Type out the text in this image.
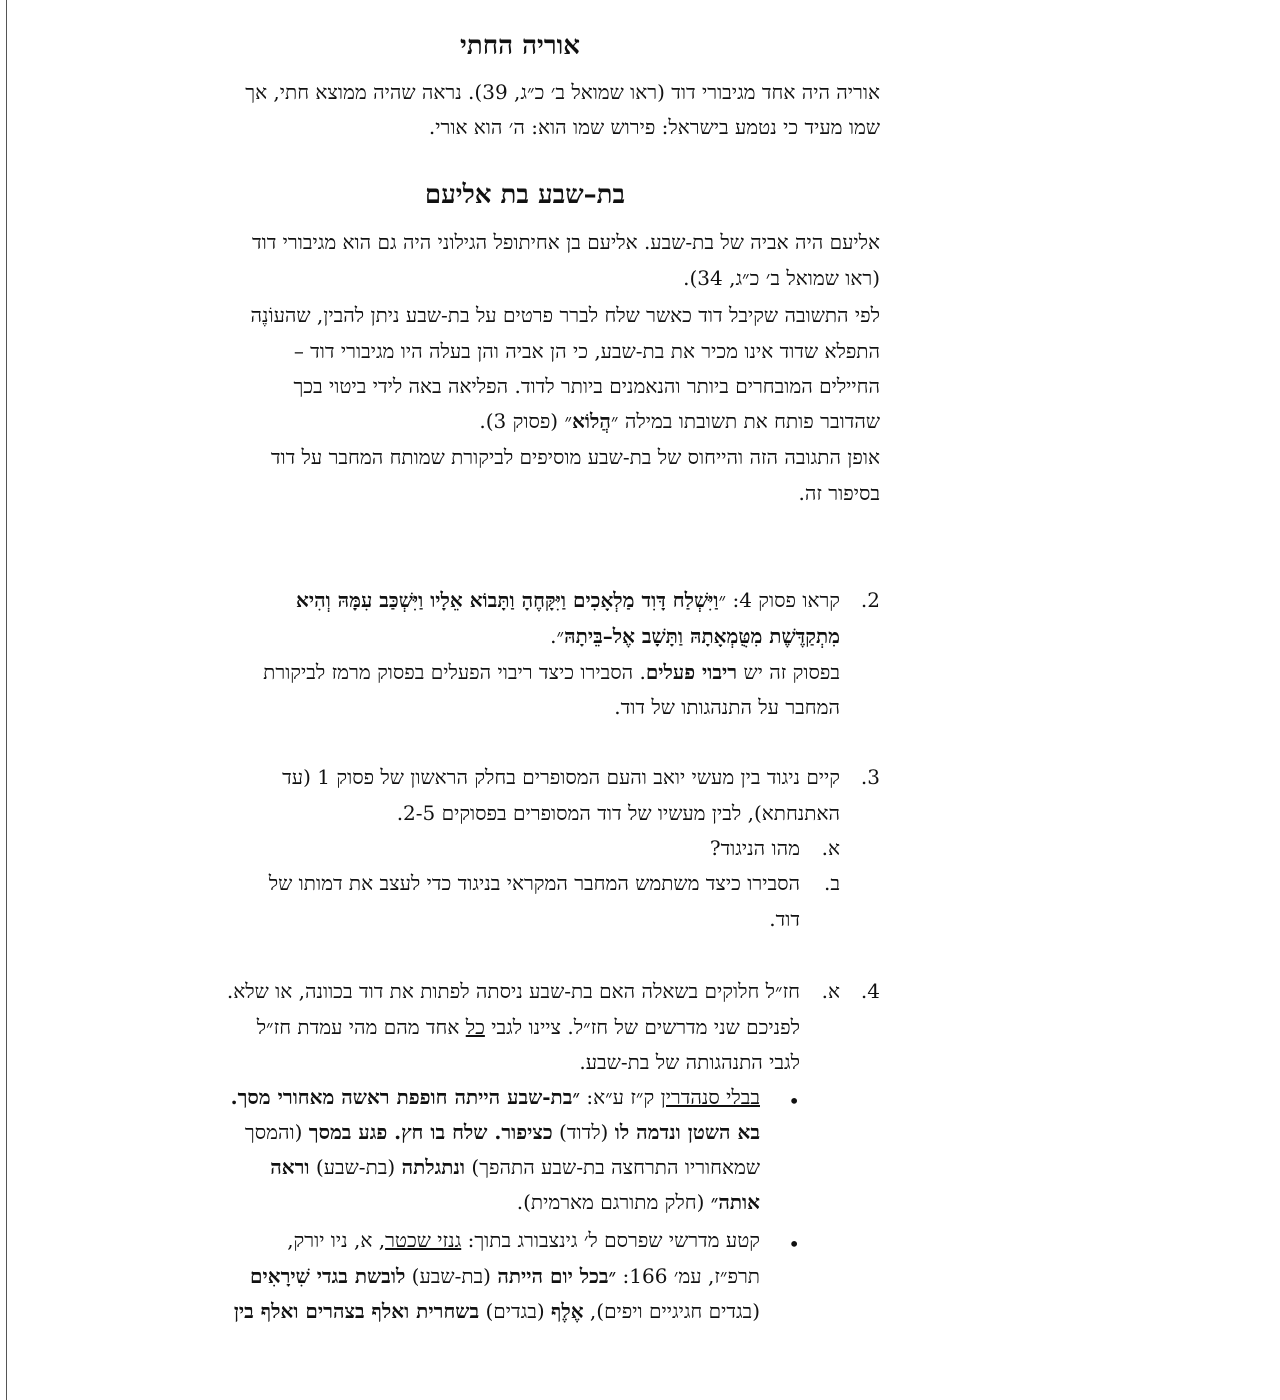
אוריה החתי
אוריה היה אחד מגיבורי דוד (ראו שמואל ב׳ כ״ג, 39). נראה שהיה ממוצא חתי, אך
שמו מעיד כי נטמע בישראל: פירוש שמו הוא: ה׳ הוא אורי.
בת–שבע בת אליעם
אליעם היה אביה של בת-שבע. אליעם בן אחיתופל הגילוני היה גם הוא מגיבורי דוד
(ראו שמואל ב׳ כ״ג, 34).
לפי התשובה שקיבל דוד כאשר שלח לברר פרטים על בת-שבע ניתן להבין, שהעוֹנֶה
התפלא שדוד אינו מכיר את בת-שבע, כי הן אביה והן בעלה היו מגיבורי דוד –
החיילים המובחרים ביותר והנאמנים ביותר לדוד. הפליאה באה לידי ביטוי בכך
שהדובר פותח את תשובתו במילה ״הֲלוֹא״ (פסוק 3).
אופן התגובה הזה והייחוס של בת-שבע מוסיפים לביקורת שמותח המחבר על דוד
בסיפור זה.
.2
קראו פסוק 4: ״וַיִּשְׁלַח דָּוִד מַלְאָכִים וַיִּקָּחֶהָ וַתָּבוֹא אֵלָיו וַיִּשְׁכַּב עִמָּהּ וְהִיא
מִתְקַדֶּשֶׁת מִטֻּמְאָתָהּ וַתָּשָׁב אֶל–בֵּיתָהּ״.
בפסוק זה יש ריבוי פעלים. הסבירו כיצד ריבוי הפעלים בפסוק מרמז לביקורת
המחבר על התנהגותו של דוד.
.3
קיים ניגוד בין מעשי יואב והעם המסופרים בחלק הראשון של פסוק 1 (עד
האתנחתא), לבין מעשיו של דוד המסופרים בפסוקים 2-5.
א.
מהו הניגוד?
ב.
הסבירו כיצד משתמש המחבר המקראי בניגוד כדי לעצב את דמותו של
דוד.
.4
א.
חז״ל חלוקים בשאלה האם בת-שבע ניסתה לפתות את דוד בכוונה, או שלא.
לפניכם שני מדרשים של חז״ל. ציינו לגבי כל אחד מהם מהי עמדת חז״ל
לגבי התנהגותה של בת-שבע.
•
בבלי סנהדרין ק״ז ע״א: ״בת-שבע הייתה חופפת ראשה מאחורי מסך.
בא השטן ונדמה לו (לדוד) כציפור. שלח בו חץ. פגע במסך (והמסך
שמאחוריו התרחצה בת-שבע התהפך) ונתגלתה (בת-שבע) וראה
אותה״ (חלק מתורגם מארמית).
•
קטע מדרשי שפרסם ל׳ גינצבורג בתוך: גנזי שכטר, א, ניו יורק,
תרפ״ז, עמ׳ 166: ״בכל יום הייתה (בת-שבע) לובשת בגדי שִׁירָאִים
(בגדים חגיגיים ויפים), אֶלֶף (בגדים) בשחרית ואלף בצהרים ואלף בין
